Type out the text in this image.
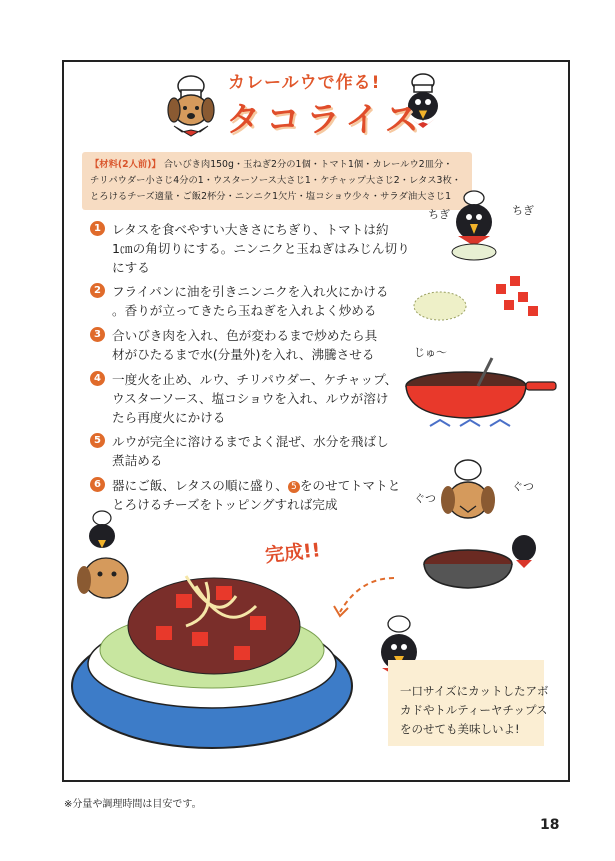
カレールウで作る!
タコライス
【材料(2人前)】 合いびき肉150g・玉ねぎ2分の1個・トマト1個・カレールウ2皿分・
チリパウダー小さじ4分の1・ウスターソース大さじ1・ケチャップ大さじ2・レタス3枚・
とろけるチーズ適量・ご飯2杯分・ニンニク1欠片・塩コショウ少々・サラダ油大さじ1
1 レタスを食べやすい大きさにちぎり、トマトは約
1㎝の角切りにする。ニンニクと玉ねぎはみじん切り
にする
2 フライパンに油を引きニンニクを入れ火にかける
。香りが立ってきたら玉ねぎを入れよく炒める
3 合いびき肉を入れ、色が変わるまで炒めたら具
材がひたるまで水(分量外)を入れ、沸騰させる
4 一度火を止め、ルウ、チリパウダー、ケチャップ、
ウスターソース、塩コショウを入れ、ルウが溶け
たら再度火にかける
5 ルウが完全に溶けるまでよく混ぜ、水分を飛ばし
煮詰める
6 器にご飯、レタスの順に盛り、 5 をのせてトマトと
とろけるチーズをトッピングすれば完成
ちぎ	ちぎ
じゅ〜
ぐつ
ぐつ
完成!!
一口サイズにカットしたアボ
カドやトルティーヤチップス
をのせても美味しいよ!
※分量や調理時間は目安です。
18
